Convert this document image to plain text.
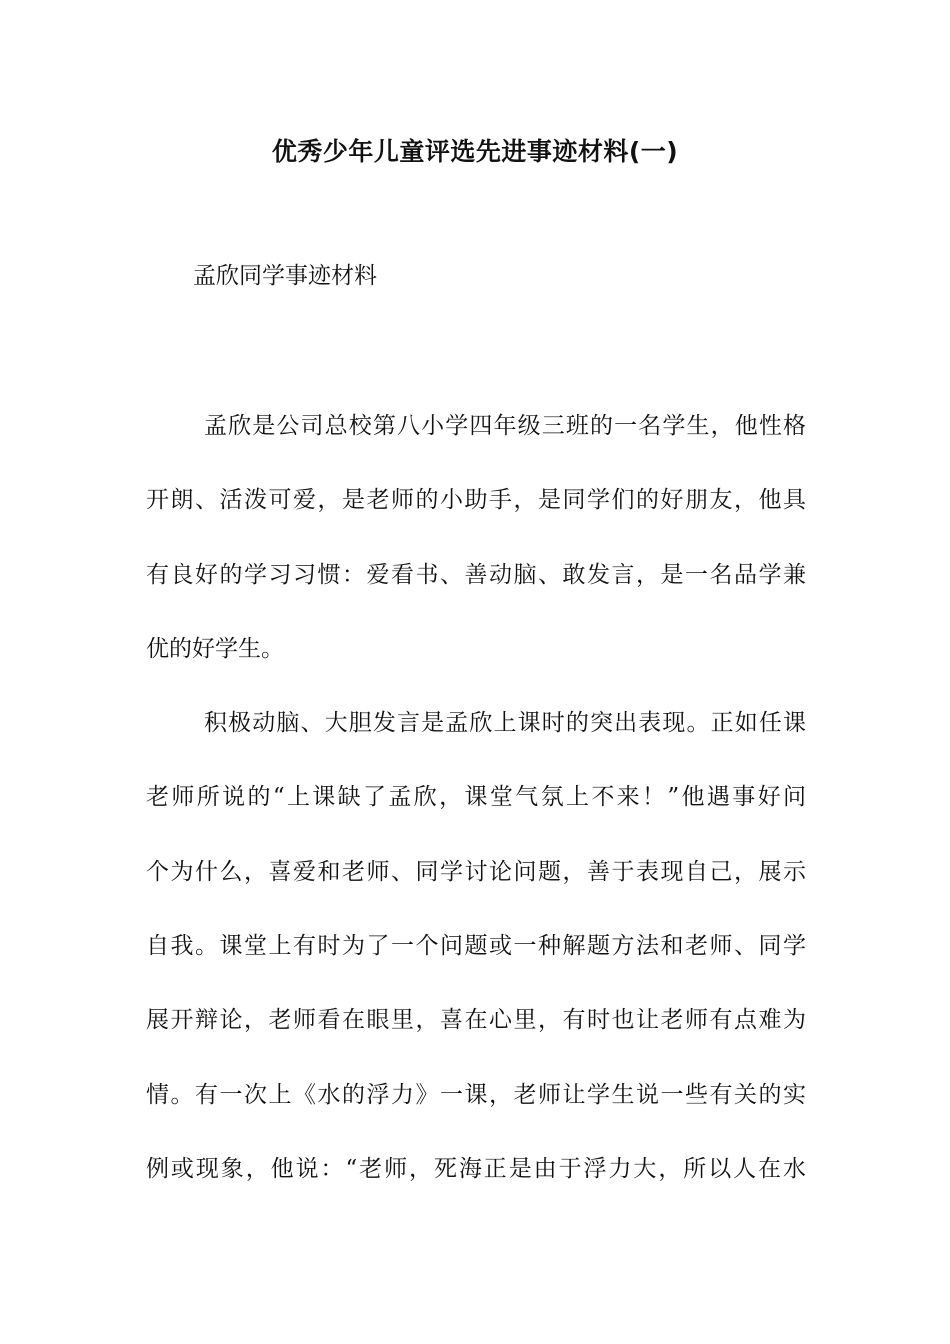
优秀少年儿童评选先进事迹材料(一)

孟欣同学事迹材料

孟欣是公司总校第八小学四年级三班的一名学生，他性格
开朗、活泼可爱，是老师的小助手，是同学们的好朋友，他具
有良好的学习习惯：爱看书、善动脑、敢发言，是一名品学兼
优的好学生。
积极动脑、大胆发言是孟欣上课时的突出表现。正如任课
老师所说的“上课缺了孟欣，课堂气氛上不来！”他遇事好问
个为什么，喜爱和老师、同学讨论问题，善于表现自己，展示
自我。课堂上有时为了一个问题或一种解题方法和老师、同学
展开辩论，老师看在眼里，喜在心里，有时也让老师有点难为
情。有一次上《水的浮力》一课，老师让学生说一些有关的实
例或现象，他说：“老师，死海正是由于浮力大，所以人在水
